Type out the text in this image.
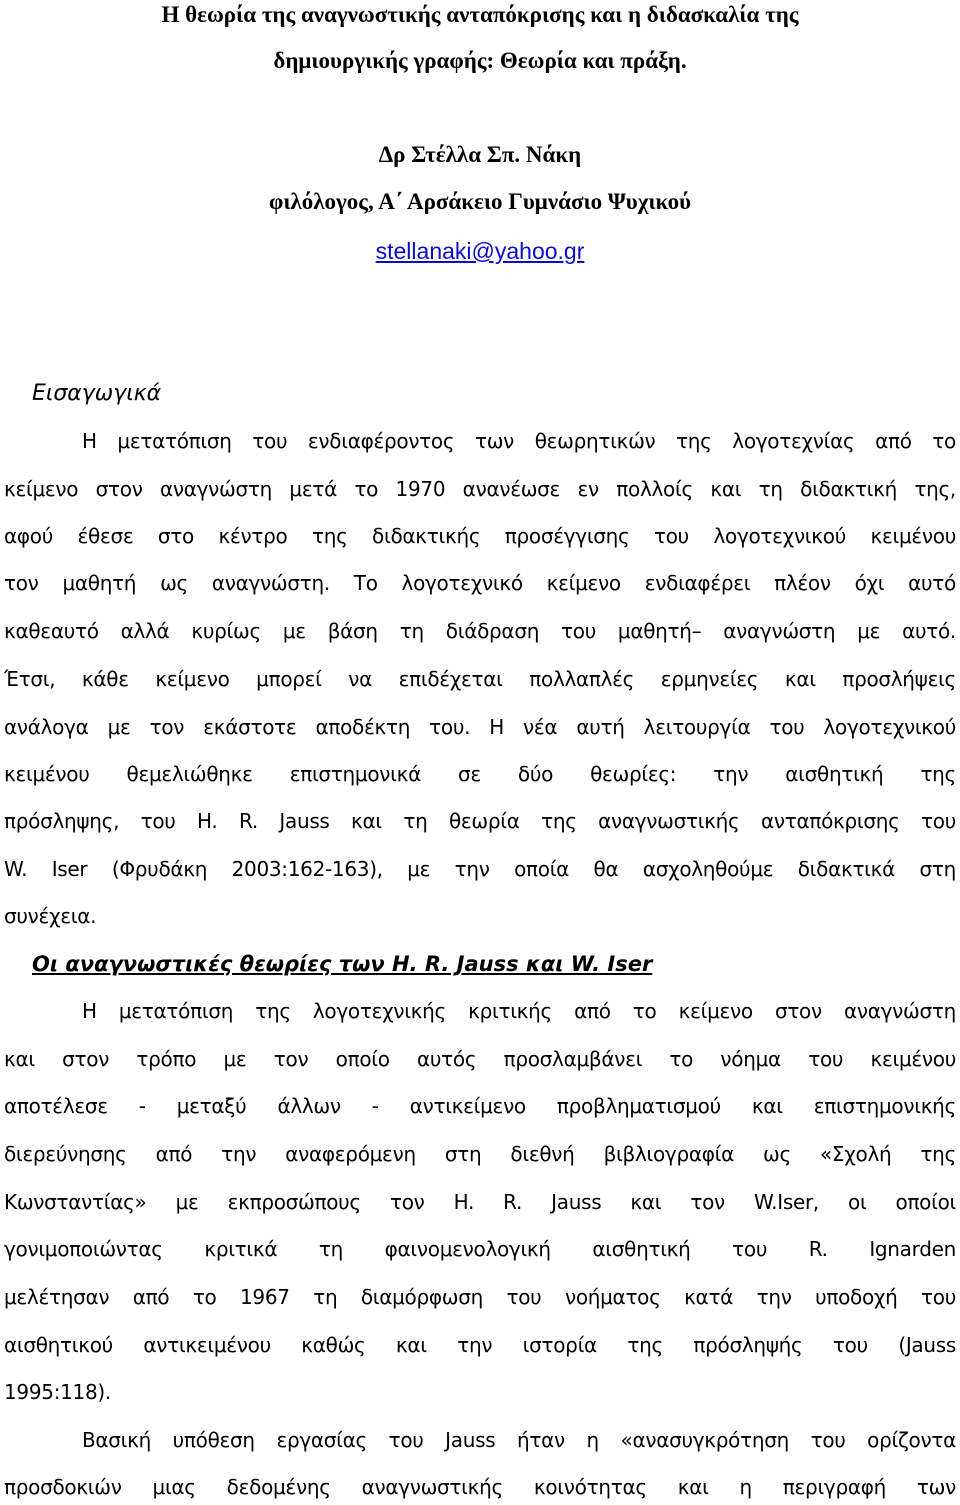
Η θεωρία της αναγνωστικής ανταπόκρισης και η διδασκαλία της
δημιουργικής γραφής: Θεωρία και πράξη.
Δρ Στέλλα Σπ. Νάκη
φιλόλογος, Α΄ Αρσάκειο Γυμνάσιο Ψυχικού
stellanaki@yahoo.gr
Εισαγωγικά
Η μετατόπιση του ενδιαφέροντος των θεωρητικών της λογοτεχνίας από το
κείμενο στον αναγνώστη μετά το 1970 ανανέωσε εν πολλοίς και τη διδακτική της,
αφού έθεσε στο κέντρο της διδακτικής προσέγγισης του λογοτεχνικού κειμένου
τον μαθητή ως αναγνώστη. Το λογοτεχνικό κείμενο ενδιαφέρει πλέον όχι αυτό
καθεαυτό αλλά κυρίως με βάση τη διάδραση του μαθητή– αναγνώστη με αυτό.
Έτσι, κάθε κείμενο μπορεί να επιδέχεται πολλαπλές ερμηνείες και προσλήψεις
ανάλογα με τον εκάστοτε αποδέκτη του. Η νέα αυτή λειτουργία του λογοτεχνικού
κειμένου θεμελιώθηκε επιστημονικά σε δύο θεωρίες: την αισθητική της
πρόσληψης, του H. R. Jauss και τη θεωρία της αναγνωστικής ανταπόκρισης του
W. Iser (Φρυδάκη 2003:162-163), με την οποία θα ασχοληθούμε διδακτικά στη
συνέχεια.
Οι αναγνωστικές θεωρίες των H. R. Jauss και W. Iser
Η μετατόπιση της λογοτεχνικής κριτικής από το κείμενο στον αναγνώστη
και στον τρόπο με τον οποίο αυτός προσλαμβάνει το νόημα του κειμένου
αποτέλεσε - μεταξύ άλλων - αντικείμενο προβληματισμού και επιστημονικής
διερεύνησης από την αναφερόμενη στη διεθνή βιβλιογραφία ως «Σχολή της
Κωνσταντίας» με εκπροσώπους τον H. R. Jauss και τον W.Iser, οι οποίοι
γονιμοποιώντας κριτικά τη φαινομενολογική αισθητική του R. Ignarden
μελέτησαν από το 1967 τη διαμόρφωση του νοήματος κατά την υποδοχή του
αισθητικού αντικειμένου καθώς και την ιστορία της πρόσληψής του (Jauss
1995:118).
Βασική υπόθεση εργασίας του Jauss ήταν η «ανασυγκρότηση του ορίζοντα
προσδοκιών μιας δεδομένης αναγνωστικής κοινότητας και η περιγραφή των
